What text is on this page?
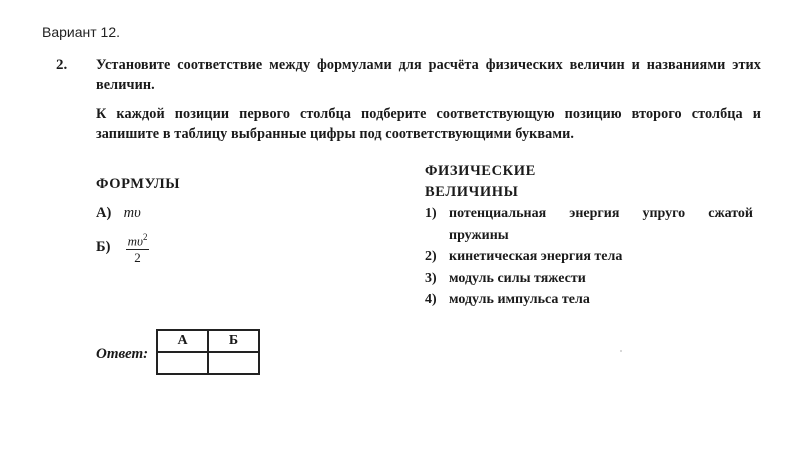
Вариант 12.
2. Установите соответствие между формулами для расчёта физических величин и названиями этих величин.
К каждой позиции первого столбца подберите соответствующую позицию второго столбца и запишите в таблицу выбранные цифры под соответствующими буквами.
ФОРМУЛЫ
ФИЗИЧЕСКИЕ
ВЕЛИЧИНЫ
А) mυ
$Б) \frac{m\upsilon^2}{2}$
1) потенциальная энергия упруго сжатой пружины
2) кинетическая энергия тела
3) модуль силы тяжести
4) модуль импульса тела
Ответ:
А	Б
